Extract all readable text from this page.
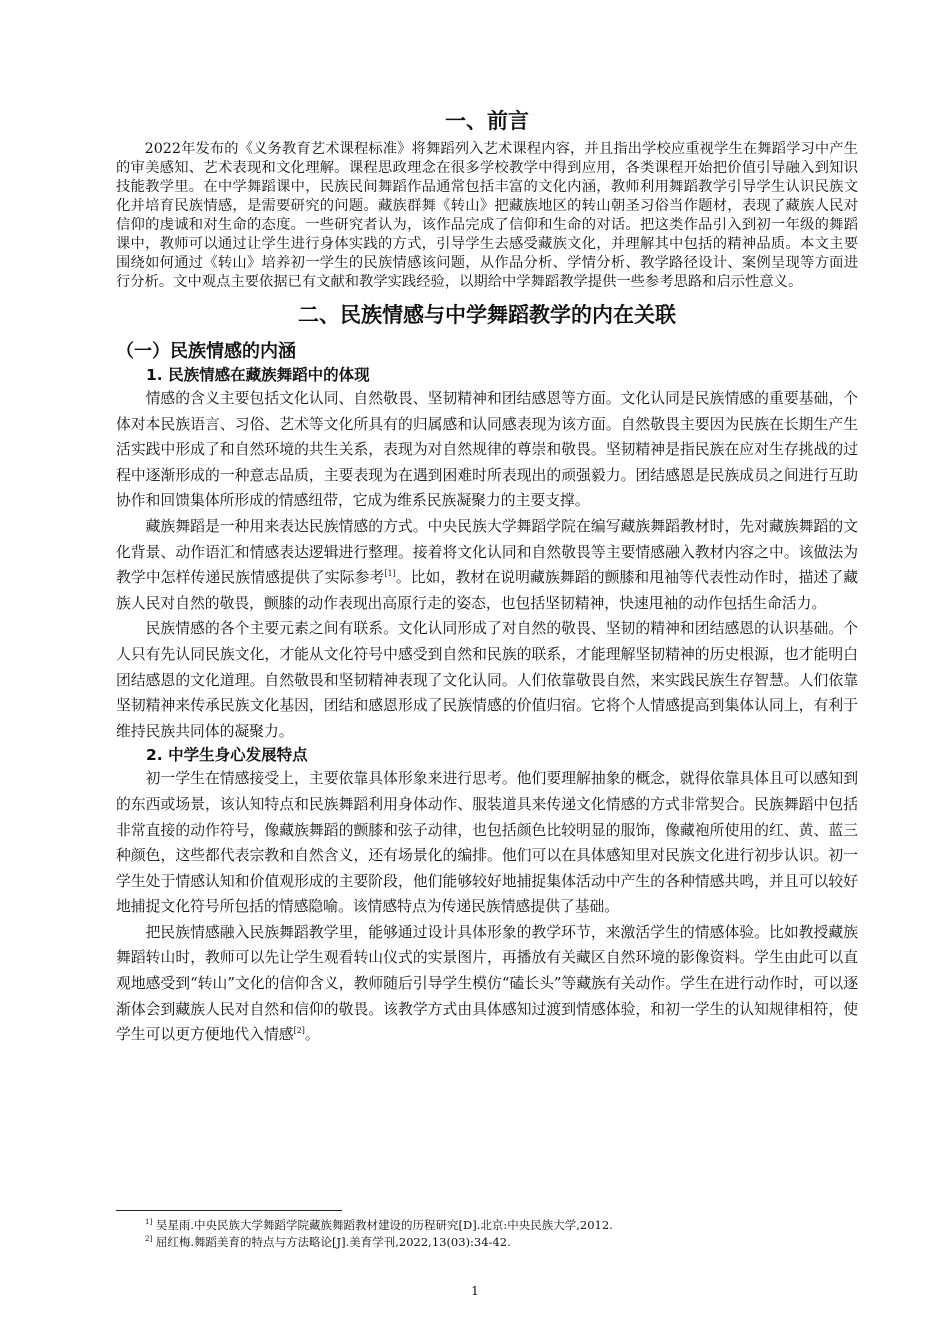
一、前言

2022年发布的《义务教育艺术课程标准》将舞蹈列入艺术课程内容，并且指出学校应重视学生在舞蹈学习中产生的审美感知、艺术表现和文化理解。课程思政理念在很多学校教学中得到应用，各类课程开始把价值引导融入到知识技能教学里。在中学舞蹈课中，民族民间舞蹈作品通常包括丰富的文化内涵，教师利用舞蹈教学引导学生认识民族文化并培育民族情感，是需要研究的问题。藏族群舞《转山》把藏族地区的转山朝圣习俗当作题材，表现了藏族人民对信仰的虔诚和对生命的态度。一些研究者认为，该作品完成了信仰和生命的对话。把这类作品引入到初一年级的舞蹈课中，教师可以通过让学生进行身体实践的方式，引导学生去感受藏族文化，并理解其中包括的精神品质。本文主要围绕如何通过《转山》培养初一学生的民族情感该问题，从作品分析、学情分析、教学路径设计、案例呈现等方面进行分析。文中观点主要依据已有文献和教学实践经验，以期给中学舞蹈教学提供一些参考思路和启示性意义。

二、民族情感与中学舞蹈教学的内在关联
（一）民族情感的内涵
1. 民族情感在藏族舞蹈中的体现

情感的含义主要包括文化认同、自然敬畏、坚韧精神和团结感恩等方面。文化认同是民族情感的重要基础，个体对本民族语言、习俗、艺术等文化所具有的归属感和认同感表现为该方面。自然敬畏主要因为民族在长期生产生活实践中形成了和自然环境的共生关系，表现为对自然规律的尊崇和敬畏。坚韧精神是指民族在应对生存挑战的过程中逐渐形成的一种意志品质，主要表现为在遇到困难时所表现出的顽强毅力。团结感恩是民族成员之间进行互助协作和回馈集体所形成的情感纽带，它成为维系民族凝聚力的主要支撑。

藏族舞蹈是一种用来表达民族情感的方式。中央民族大学舞蹈学院在编写藏族舞蹈教材时，先对藏族舞蹈的文化背景、动作语汇和情感表达逻辑进行整理。接着将文化认同和自然敬畏等主要情感融入教材内容之中。该做法为教学中怎样传递民族情感提供了实际参考[1]。比如，教材在说明藏族舞蹈的颤膝和甩袖等代表性动作时，描述了藏族人民对自然的敬畏，颤膝的动作表现出高原行走的姿态，也包括坚韧精神，快速甩袖的动作包括生命活力。

民族情感的各个主要元素之间有联系。文化认同形成了对自然的敬畏、坚韧的精神和团结感恩的认识基础。个人只有先认同民族文化，才能从文化符号中感受到自然和民族的联系，才能理解坚韧精神的历史根源，也才能明白团结感恩的文化道理。自然敬畏和坚韧精神表现了文化认同。人们依靠敬畏自然，来实践民族生存智慧。人们依靠坚韧精神来传承民族文化基因，团结和感恩形成了民族情感的价值归宿。它将个人情感提高到集体认同上，有利于维持民族共同体的凝聚力。

2. 中学生身心发展特点

初一学生在情感接受上，主要依靠具体形象来进行思考。他们要理解抽象的概念，就得依靠具体且可以感知到的东西或场景，该认知特点和民族舞蹈利用身体动作、服装道具来传递文化情感的方式非常契合。民族舞蹈中包括非常直接的动作符号，像藏族舞蹈的颤膝和弦子动律，也包括颜色比较明显的服饰，像藏袍所使用的红、黄、蓝三种颜色，这些都代表宗教和自然含义，还有场景化的编排。他们可以在具体感知里对民族文化进行初步认识。初一学生处于情感认知和价值观形成的主要阶段，他们能够较好地捕捉集体活动中产生的各种情感共鸣，并且可以较好地捕捉文化符号所包括的情感隐喻。该情感特点为传递民族情感提供了基础。

把民族情感融入民族舞蹈教学里，能够通过设计具体形象的教学环节，来激活学生的情感体验。比如教授藏族舞蹈转山时，教师可以先让学生观看转山仪式的实景图片，再播放有关藏区自然环境的影像资料。学生由此可以直观地感受到“转山”文化的信仰含义，教师随后引导学生模仿“磕长头”等藏族有关动作。学生在进行动作时，可以逐渐体会到藏族人民对自然和信仰的敬畏。该教学方式由具体感知过渡到情感体验，和初一学生的认知规律相符，使学生可以更方便地代入情感[2]。

$^{1]}$ 吴星雨.中央民族大学舞蹈学院藏族舞蹈教材建设的历程研究[D].北京:中央民族大学,2012.

$^{2]}$ 屈红梅.舞蹈美育的特点与方法略论[J].美育学刊,2022,13(03):34-42.

1
